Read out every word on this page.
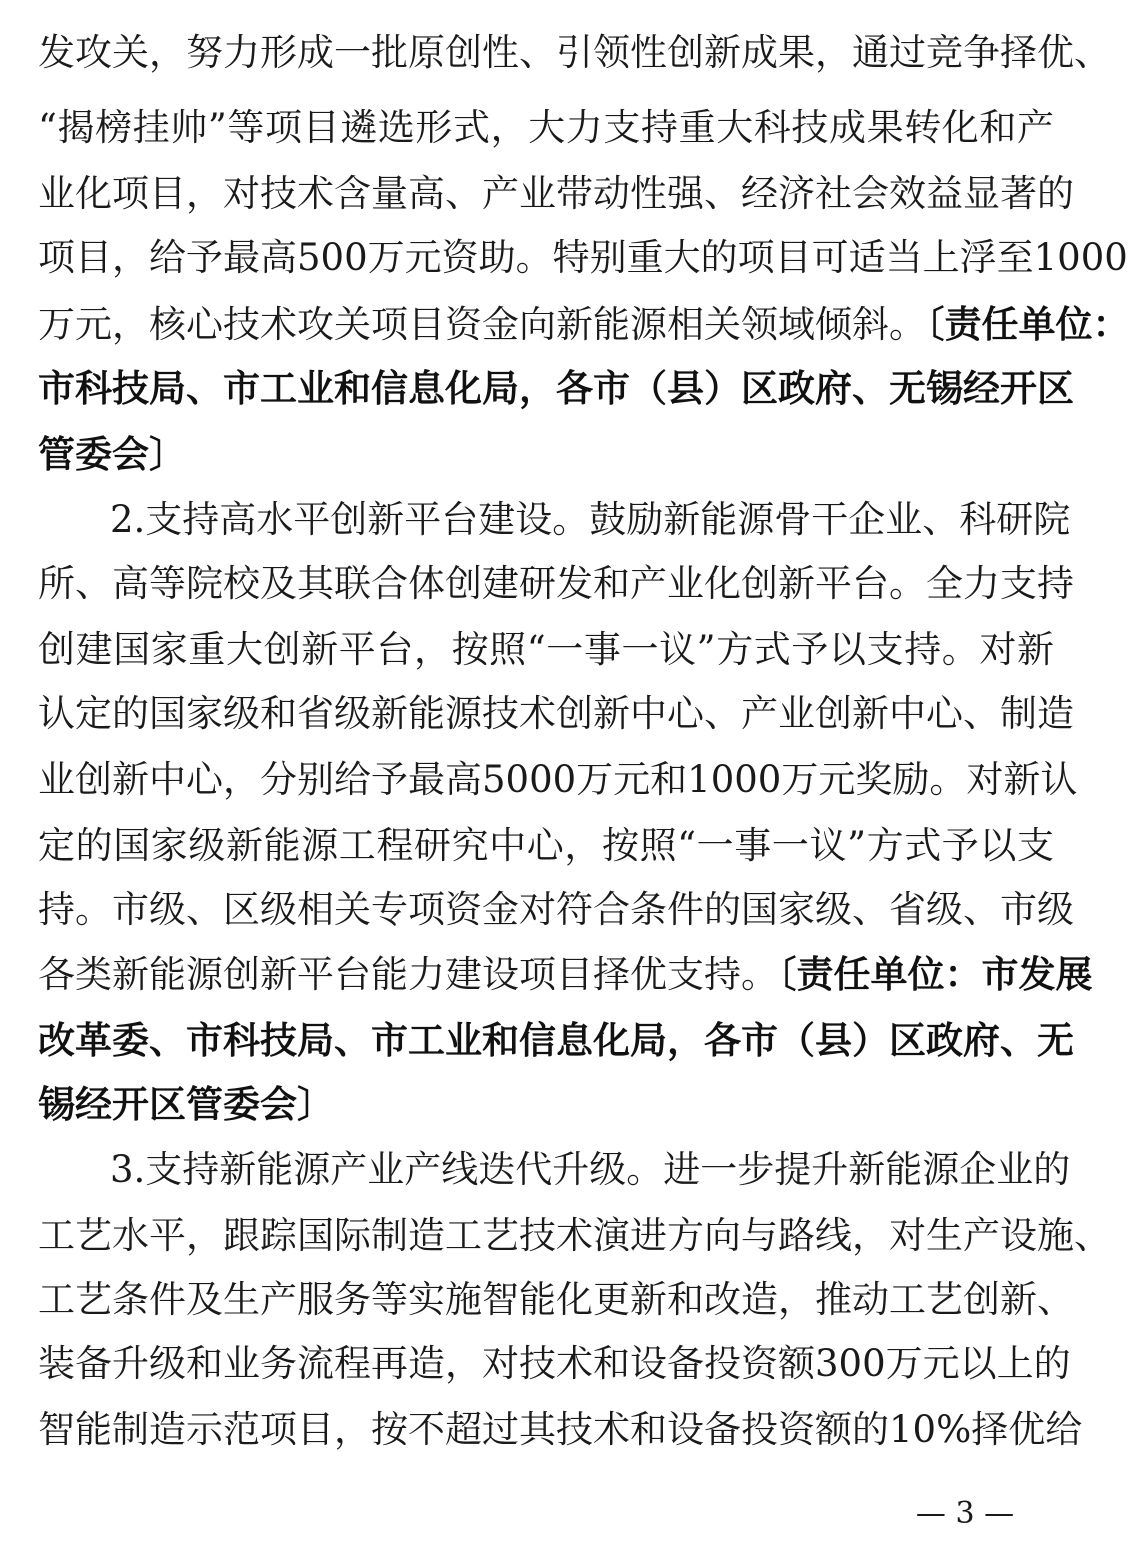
发攻关，努力形成一批原创性、引领性创新成果，通过竞争择优、
“揭榜挂帅”等项目遴选形式，大力支持重大科技成果转化和产
业化项目，对技术含量高、产业带动性强、经济社会效益显著的
项目，给予最高500万元资助。特别重大的项目可适当上浮至1000
万元，核心技术攻关项目资金向新能源相关领域倾斜。〔责任单位：
市科技局、市工业和信息化局，各市（县）区政府、无锡经开区
管委会〕
2.支持高水平创新平台建设。鼓励新能源骨干企业、科研院
所、高等院校及其联合体创建研发和产业化创新平台。全力支持
创建国家重大创新平台，按照“一事一议”方式予以支持。对新
认定的国家级和省级新能源技术创新中心、产业创新中心、制造
业创新中心，分别给予最高5000万元和1000万元奖励。对新认
定的国家级新能源工程研究中心，按照“一事一议”方式予以支
持。市级、区级相关专项资金对符合条件的国家级、省级、市级
各类新能源创新平台能力建设项目择优支持。〔责任单位：市发展
改革委、市科技局、市工业和信息化局，各市（县）区政府、无
锡经开区管委会〕
3.支持新能源产业产线迭代升级。进一步提升新能源企业的
工艺水平，跟踪国际制造工艺技术演进方向与路线，对生产设施、
工艺条件及生产服务等实施智能化更新和改造，推动工艺创新、
装备升级和业务流程再造，对技术和设备投资额300万元以上的
智能制造示范项目，按不超过其技术和设备投资额的10%择优给
— 3 —
